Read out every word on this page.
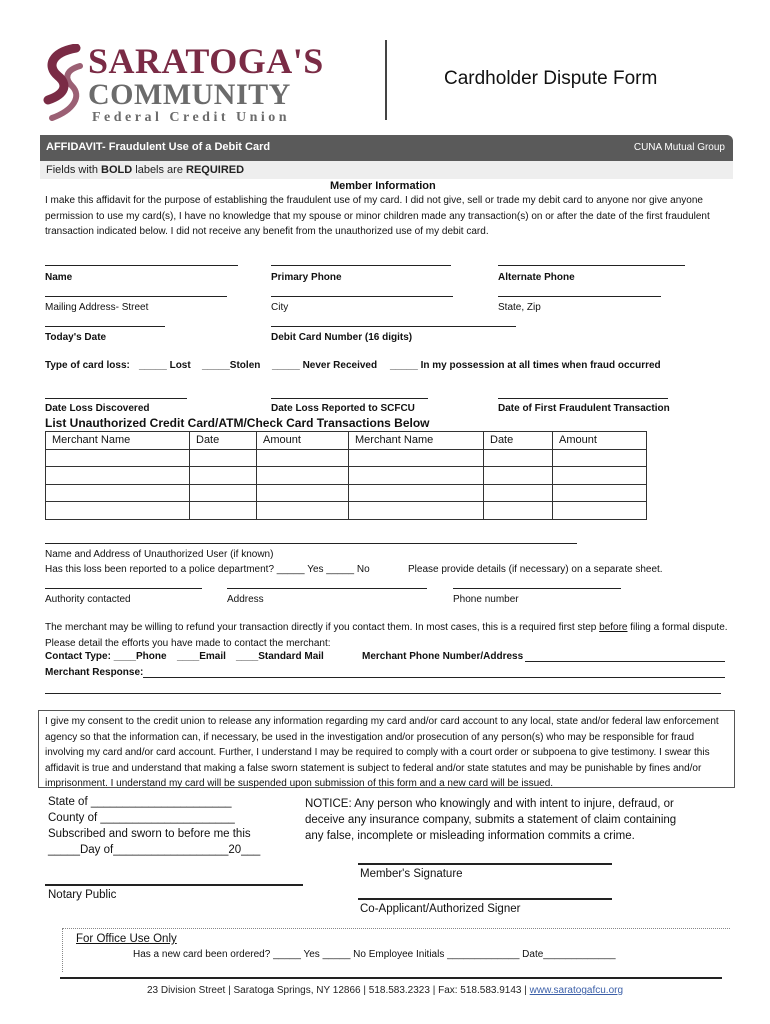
SARATOGA'S
COMMUNITY
Federal Credit Union
Cardholder Dispute Form
AFFIDAVIT- Fraudulent Use of a Debit Card	CUNA Mutual Group
Fields with BOLD labels are REQUIRED
Member Information
I make this affidavit for the purpose of establishing the fraudulent use of my card. I did not give, sell or trade my debit card to anyone nor give anyone permission to use my card(s), I have no knowledge that my spouse or minor children made any transaction(s) on or after the date of the first fraudulent transaction indicated below. I did not receive any benefit from the unauthorized use of my debit card.
Name	Primary Phone	Alternate Phone
Mailing Address- Street	City	State, Zip
Today's Date	Debit Card Number (16 digits)
Type of card loss: _____ Lost _____Stolen _____ Never Received _____ In my possession at all times when fraud occurred
Date Loss Discovered	Date Loss Reported to SCFCU	Date of First Fraudulent Transaction
List Unauthorized Credit Card/ATM/Check Card Transactions Below
Merchant Name	Date	Amount	Merchant Name	Date	Amount

Name and Address of Unauthorized User (if known)
Has this loss been reported to a police department? _____ Yes _____ No	Please provide details (if necessary) on a separate sheet.
Authority contacted	Address	Phone number
The merchant may be willing to refund your transaction directly if you contact them. In most cases, this is a required first step before filing a formal dispute. Please detail the efforts you have made to contact the merchant:
Contact Type: ____Phone ____Email ____Standard Mail	Merchant Phone Number/Address
Merchant Response:
I give my consent to the credit union to release any information regarding my card and/or card account to any local, state and/or federal law enforcement agency so that the information can, if necessary, be used in the investigation and/or prosecution of any person(s) who may be responsible for fraud involving my card and/or card account. Further, I understand I may be required to comply with a court order or subpoena to give testimony. I swear this affidavit is true and understand that making a false sworn statement is subject to federal and/or state statutes and may be punishable by fines and/or imprisonment. I understand my card will be suspended upon submission of this form and a new card will be issued.
State of ______________________
County of _____________________
Subscribed and sworn to before me this
_____Day of__________________20___
Notary Public
NOTICE: Any person who knowingly and with intent to injure, defraud, or deceive any insurance company, submits a statement of claim containing any false, incomplete or misleading information commits a crime.
Member's Signature
Co-Applicant/Authorized Signer
For Office Use Only
Has a new card been ordered? _____ Yes _____ No Employee Initials _____________ Date_____________
23 Division Street | Saratoga Springs, NY 12866 | 518.583.2323 | Fax: 518.583.9143 | www.saratogafcu.org
